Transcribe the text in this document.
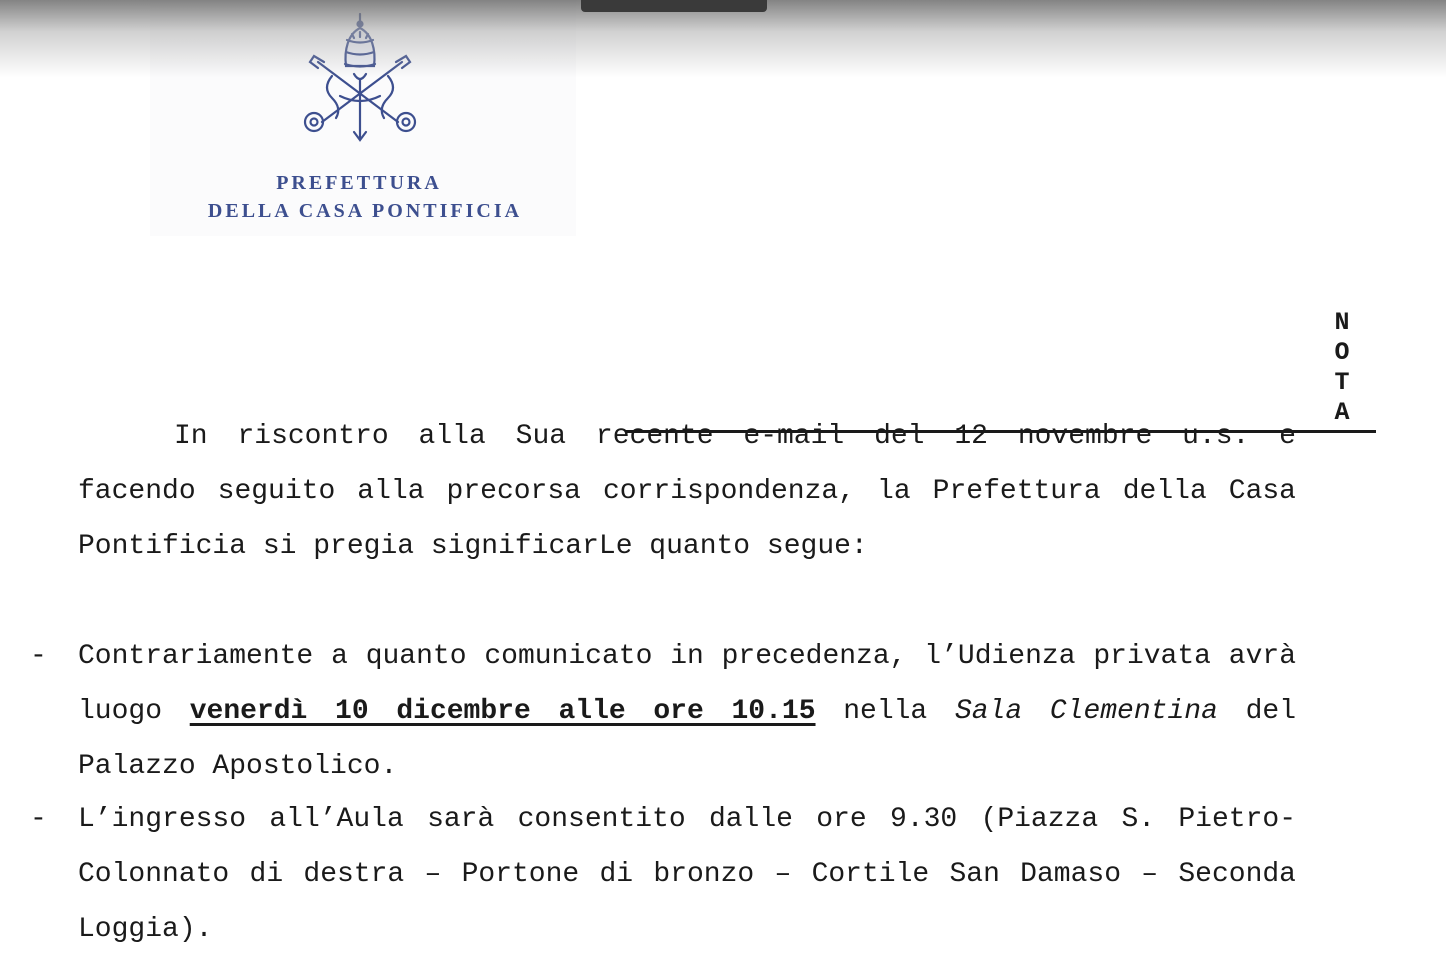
PREFETTURA
DELLA CASA PONTIFICIA
N O T A
In riscontro alla Sua recente e-mail del 12 novembre u.s. e facendo seguito alla precorsa corrispondenza, la Prefettura della Casa Pontificia si pregia significarLe quanto segue:
- Contrariamente a quanto comunicato in precedenza, l’Udienza privata avrà luogo venerdì 10 dicembre alle ore 10.15 nella Sala Clementina del Palazzo Apostolico.
- L’ingresso all’Aula sarà consentito dalle ore 9.30 (Piazza S. Pietro- Colonnato di destra – Portone di bronzo – Cortile San Damaso – Seconda Loggia).
